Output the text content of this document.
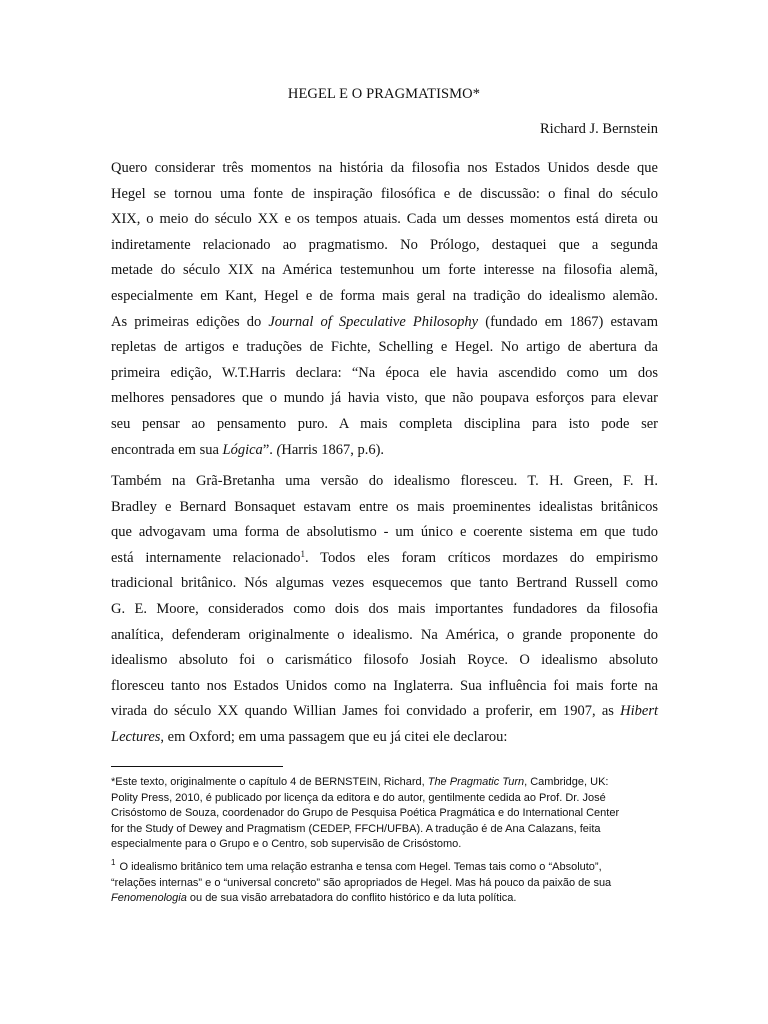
HEGEL E O PRAGMATISMO*
Richard J. Bernstein
Quero considerar três momentos na história da filosofia nos Estados Unidos desde que
Hegel se tornou uma fonte de inspiração filosófica e de discussão: o final do século
XIX, o meio do século XX e os tempos atuais. Cada um desses momentos está direta ou
indiretamente relacionado ao pragmatismo. No Prólogo, destaquei que a segunda
metade do século XIX na América testemunhou um forte interesse na filosofia alemã,
especialmente em Kant, Hegel e de forma mais geral na tradição do idealismo alemão.
As primeiras edições do Journal of Speculative Philosophy (fundado em 1867) estavam
repletas de artigos e traduções de Fichte, Schelling e Hegel. No artigo de abertura da
primeira edição, W.T.Harris declara: “Na época ele havia ascendido como um dos
melhores pensadores que o mundo já havia visto, que não poupava esforços para elevar
seu pensar ao pensamento puro. A mais completa disciplina para isto pode ser
encontrada em sua Lógica”. (Harris 1867, p.6).
Também na Grã-Bretanha uma versão do idealismo floresceu. T. H. Green, F. H.
Bradley e Bernard Bonsaquet estavam entre os mais proeminentes idealistas britânicos
que advogavam uma forma de absolutismo - um único e coerente sistema em que tudo
está internamente relacionado$^1$. Todos eles foram críticos mordazes do empirismo
tradicional britânico. Nós algumas vezes esquecemos que tanto Bertrand Russell como
G. E. Moore, considerados como dois dos mais importantes fundadores da filosofia
analítica, defenderam originalmente o idealismo. Na América, o grande proponente do
idealismo absoluto foi o carismático filosofo Josiah Royce. O idealismo absoluto
floresceu tanto nos Estados Unidos como na Inglaterra. Sua influência foi mais forte na
virada do século XX quando Willian James foi convidado a proferir, em 1907, as Hibert
Lectures, em Oxford; em uma passagem que eu já citei ele declarou:
*Este texto, originalmente o capítulo 4 de BERNSTEIN, Richard, The Pragmatic Turn, Cambridge, UK:
Polity Press, 2010, é publicado por licença da editora e do autor, gentilmente cedida ao Prof. Dr. José
Crisóstomo de Souza, coordenador do Grupo de Pesquisa Poética Pragmática e do International Center
for the Study of Dewey and Pragmatism (CEDEP, FFCH/UFBA). A tradução é de Ana Calazans, feita
especialmente para o Grupo e o Centro, sob supervisão de Crisóstomo.
$^1$ O idealismo britânico tem uma relação estranha e tensa com Hegel. Temas tais como o “Absoluto”,
“relações internas” e o “universal concreto” são apropriados de Hegel. Mas há pouco da paixão de sua
Fenomenologia ou de sua visão arrebatadora do conflito histórico e da luta política.
